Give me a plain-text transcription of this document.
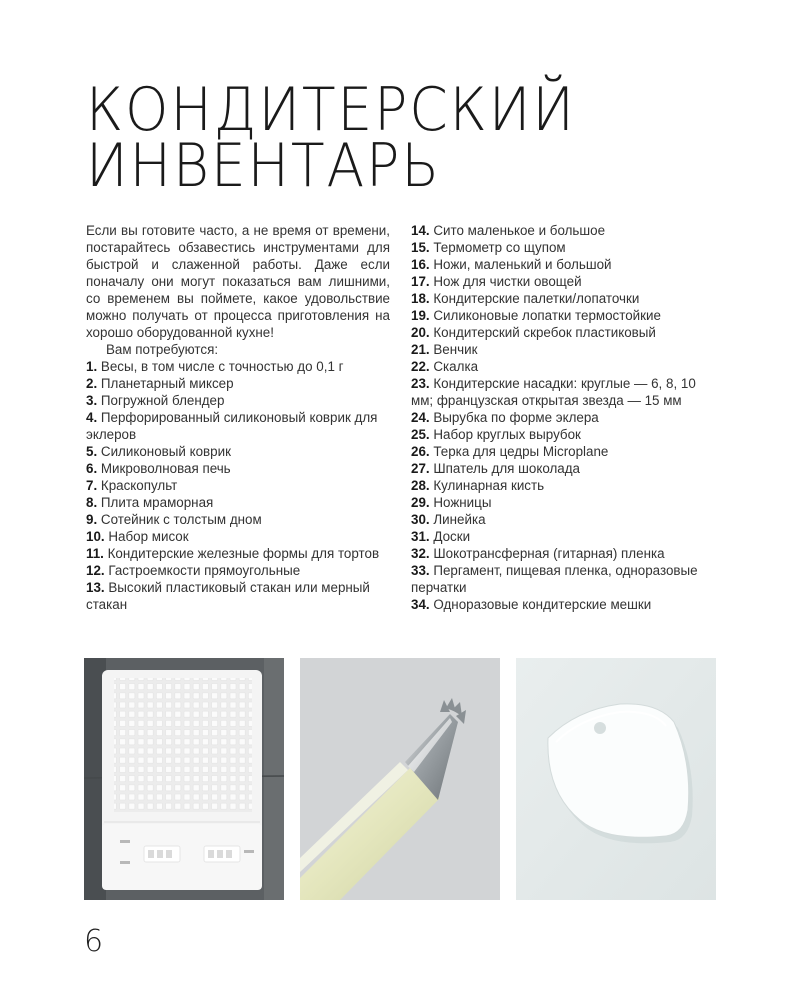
КОНДИТЕРСКИЙ
ИНВЕНТАРЬ

Если вы готовите часто, а не время от времени, постарайтесь обзавестись инструментами для быстрой и слаженной работы. Даже если поначалу они могут показаться вам лишними, со временем вы поймете, какое удовольствие можно получать от процесса приготовления на хорошо оборудованной кухне!

Вам потребуются:

1. Весы, в том числе с точностью до 0,1 г

2. Планетарный миксер

3. Погружной блендер

4. Перфорированный силиконовый коврик для эклеров

5. Силиконовый коврик

6. Микроволновая печь

7. Краскопульт

8. Плита мраморная

9. Сотейник с толстым дном

10. Набор мисок

11. Кондитерские железные формы для тортов

12. Гастроемкости прямоугольные

13. Высокий пластиковый стакан или мерный стакан

14. Сито маленькое и большое

15. Термометр со щупом

16. Ножи, маленький и большой

17. Нож для чистки овощей

18. Кондитерские палетки/лопаточки

19. Силиконовые лопатки термостойкие

20. Кондитерский скребок пластиковый

21. Венчик

22. Скалка

23. Кондитерские насадки: круглые — 6, 8, 10 мм; французская открытая звезда — 15 мм

24. Вырубка по форме эклера

25. Набор круглых вырубок

26. Терка для цедры Microplane

27. Шпатель для шоколада

28. Кулинарная кисть

29. Ножницы

30. Линейка

31. Доски

32. Шокотрансферная (гитарная) пленка

33. Пергамент, пищевая пленка, одноразовые перчатки

34. Одноразовые кондитерские мешки

6
